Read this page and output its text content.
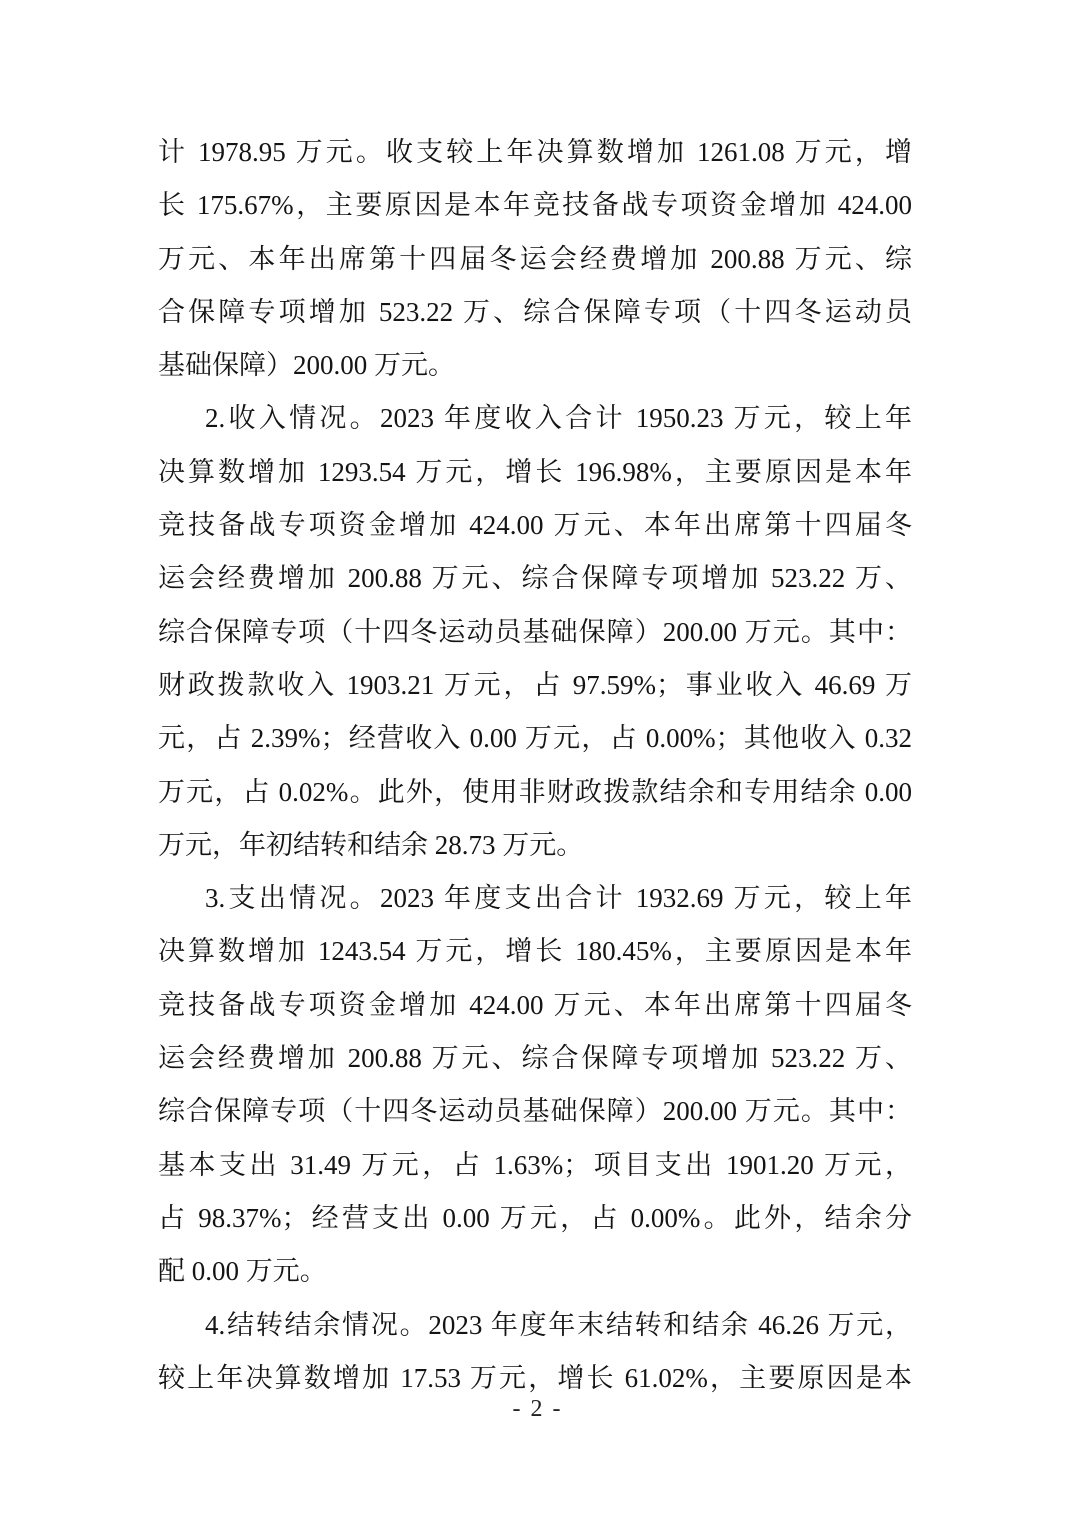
计 1978.95 万元。收支较上年决算数增加 1261.08 万元，增
长 175.67%，主要原因是本年竞技备战专项资金增加 424.00
万元、本年出席第十四届冬运会经费增加 200.88 万元、综
合保障专项增加 523.22 万、综合保障专项（十四冬运动员
基础保障）200.00 万元。
2.收入情况。2023 年度收入合计 1950.23 万元，较上年
决算数增加 1293.54 万元，增长 196.98%，主要原因是本年
竞技备战专项资金增加 424.00 万元、本年出席第十四届冬
运会经费增加 200.88 万元、综合保障专项增加 523.22 万、
综合保障专项（十四冬运动员基础保障）200.00 万元。其中：
财政拨款收入 1903.21 万元，占 97.59%；事业收入 46.69 万
元，占 2.39%；经营收入 0.00 万元，占 0.00%；其他收入 0.32
万元，占 0.02%。此外，使用非财政拨款结余和专用结余 0.00
万元，年初结转和结余 28.73 万元。
3.支出情况。2023 年度支出合计 1932.69 万元，较上年
决算数增加 1243.54 万元，增长 180.45%，主要原因是本年
竞技备战专项资金增加 424.00 万元、本年出席第十四届冬
运会经费增加 200.88 万元、综合保障专项增加 523.22 万、
综合保障专项（十四冬运动员基础保障）200.00 万元。其中：
基本支出 31.49 万元，占 1.63%；项目支出 1901.20 万元，
占 98.37%；经营支出 0.00 万元，占 0.00%。此外，结余分
配 0.00 万元。
4.结转结余情况。2023 年度年末结转和结余 46.26 万元，
较上年决算数增加 17.53 万元，增长 61.02%，主要原因是本
- 2 -
